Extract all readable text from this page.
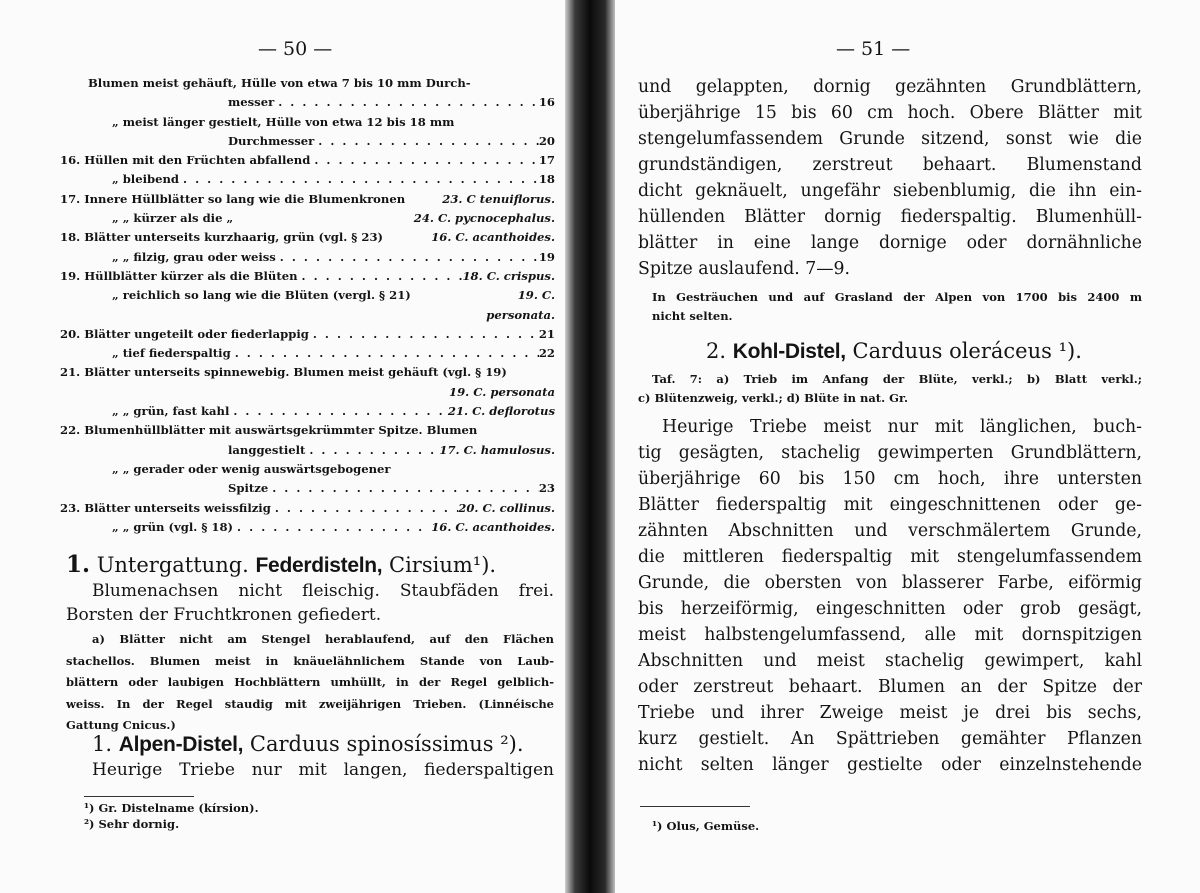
— 50 —
Blumen meist gehäuft, Hülle von etwa 7 bis 10 mm Durch-
messer . . .	16
„ meist länger gestielt, Hülle von etwa 12 bis 18 mm
Durchmesser . . .	20
16. Hüllen mit den Früchten abfallend . . .	17
„ bleibend . . .	18
17. Innere Hüllblätter so lang wie die Blumenkronen	23. C tenuiflorus.
„ „ kürzer als die „	24. C. pycnocephalus.
18. Blätter unterseits kurzhaarig, grün (vgl. § 23)	16. C. acanthoides.
„ „ filzig, grau oder weiss . . .	19
19. Hüllblätter kürzer als die Blüten . . .	18. C. crispus.
„ reichlich so lang wie die Blüten (vergl. § 21)	19. C.
personata.
20. Blätter ungeteilt oder fiederlappig . . .	21
„ tief fiederspaltig . . .	22
21. Blätter unterseits spinnewebig. Blumen meist gehäuft (vgl. § 19)
19. C. personata
„ „ grün, fast kahl . . .	21. C. deflorotus
22. Blumenhüllblätter mit auswärtsgekrümmter Spitze. Blumen
langgestielt . . .	17. C. hamulosus.
„ „ gerader oder wenig auswärtsgebogener
Spitze . . .	23
23. Blätter unterseits weissfilzig . . .	20. C. collinus.
„ „ grün (vgl. § 18) . . .	16. C. acanthoides.
1. Untergattung. Federdisteln, Cirsium¹).
Blumenachsen nicht fleischig. Staubfäden frei.
Borsten der Fruchtkronen gefiedert.
a) Blätter nicht am Stengel herablaufend, auf den Flächen
stachellos. Blumen meist in knäuelähnlichem Stande von Laub-
blättern oder laubigen Hochblättern umhüllt, in der Regel gelblich-
weiss. In der Regel staudig mit zweijährigen Trieben. (Linnéische
Gattung Cnicus.)
1. Alpen-Distel, Carduus spinosíssimus ²).
Heurige Triebe nur mit langen, fiederspaltigen
¹) Gr. Distelname (kírsion).
²) Sehr dornig.
— 51 —
und gelappten, dornig gezähnten Grundblättern,
überjährige 15 bis 60 cm hoch. Obere Blätter mit
stengelumfassendem Grunde sitzend, sonst wie die
grundständigen, zerstreut behaart. Blumenstand
dicht geknäuelt, ungefähr siebenblumig, die ihn ein-
hüllenden Blätter dornig fiederspaltig. Blumenhüll-
blätter in eine lange dornige oder dornähnliche
Spitze auslaufend. 7—9.
In Gesträuchen und auf Grasland der Alpen von 1700 bis 2400 m
nicht selten.
2. Kohl-Distel, Carduus oleráceus ¹).
Taf. 7: a) Trieb im Anfang der Blüte, verkl.; b) Blatt verkl.;
c) Blütenzweig, verkl.; d) Blüte in nat. Gr.
Heurige Triebe meist nur mit länglichen, buch-
tig gesägten, stachelig gewimperten Grundblättern,
überjährige 60 bis 150 cm hoch, ihre untersten
Blätter fiederspaltig mit eingeschnittenen oder ge-
zähnten Abschnitten und verschmälertem Grunde,
die mittleren fiederspaltig mit stengelumfassendem
Grunde, die obersten von blasserer Farbe, eiförmig
bis herzeiförmig, eingeschnitten oder grob gesägt,
meist halbstengelumfassend, alle mit dornspitzigen
Abschnitten und meist stachelig gewimpert, kahl
oder zerstreut behaart. Blumen an der Spitze der
Triebe und ihrer Zweige meist je drei bis sechs,
kurz gestielt. An Spättrieben gemähter Pflanzen
nicht selten länger gestielte oder einzelnstehende
¹) Olus, Gemüse.
